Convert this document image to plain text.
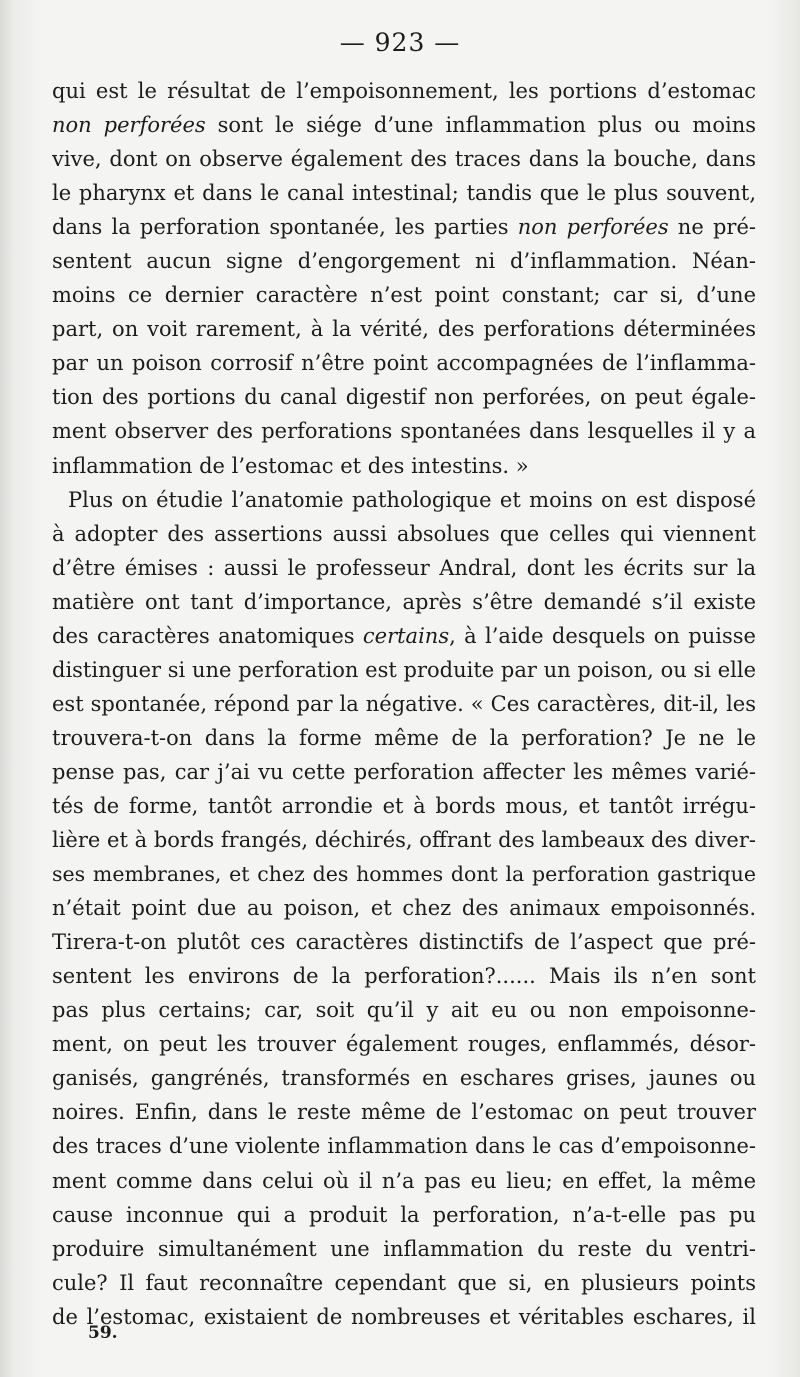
— 923 —
qui est le résultat de l’empoisonnement, les portions d’estomac
non perforées sont le siége d’une inflammation plus ou moins
vive, dont on observe également des traces dans la bouche, dans
le pharynx et dans le canal intestinal; tandis que le plus souvent,
dans la perforation spontanée, les parties non perforées ne pré-
sentent aucun signe d’engorgement ni d’inflammation. Néan-
moins ce dernier caractère n’est point constant; car si, d’une
part, on voit rarement, à la vérité, des perforations déterminées
par un poison corrosif n’être point accompagnées de l’inflamma-
tion des portions du canal digestif non perforées, on peut égale-
ment observer des perforations spontanées dans lesquelles il y a
inflammation de l’estomac et des intestins. »
Plus on étudie l’anatomie pathologique et moins on est disposé
à adopter des assertions aussi absolues que celles qui viennent
d’être émises : aussi le professeur Andral, dont les écrits sur la
matière ont tant d’importance, après s’être demandé s’il existe
des caractères anatomiques certains, à l’aide desquels on puisse
distinguer si une perforation est produite par un poison, ou si elle
est spontanée, répond par la négative. « Ces caractères, dit-il, les
trouvera-t-on dans la forme même de la perforation? Je ne le
pense pas, car j’ai vu cette perforation affecter les mêmes varié-
tés de forme, tantôt arrondie et à bords mous, et tantôt irrégu-
lière et à bords frangés, déchirés, offrant des lambeaux des diver-
ses membranes, et chez des hommes dont la perforation gastrique
n’était point due au poison, et chez des animaux empoisonnés.
Tirera-t-on plutôt ces caractères distinctifs de l’aspect que pré-
sentent les environs de la perforation?...... Mais ils n’en sont
pas plus certains; car, soit qu’il y ait eu ou non empoisonne-
ment, on peut les trouver également rouges, enflammés, désor-
ganisés, gangrénés, transformés en eschares grises, jaunes ou
noires. Enfin, dans le reste même de l’estomac on peut trouver
des traces d’une violente inflammation dans le cas d’empoisonne-
ment comme dans celui où il n’a pas eu lieu; en effet, la même
cause inconnue qui a produit la perforation, n’a-t-elle pas pu
produire simultanément une inflammation du reste du ventri-
cule? Il faut reconnaître cependant que si, en plusieurs points
de l’estomac, existaient de nombreuses et véritables eschares, il
59.
